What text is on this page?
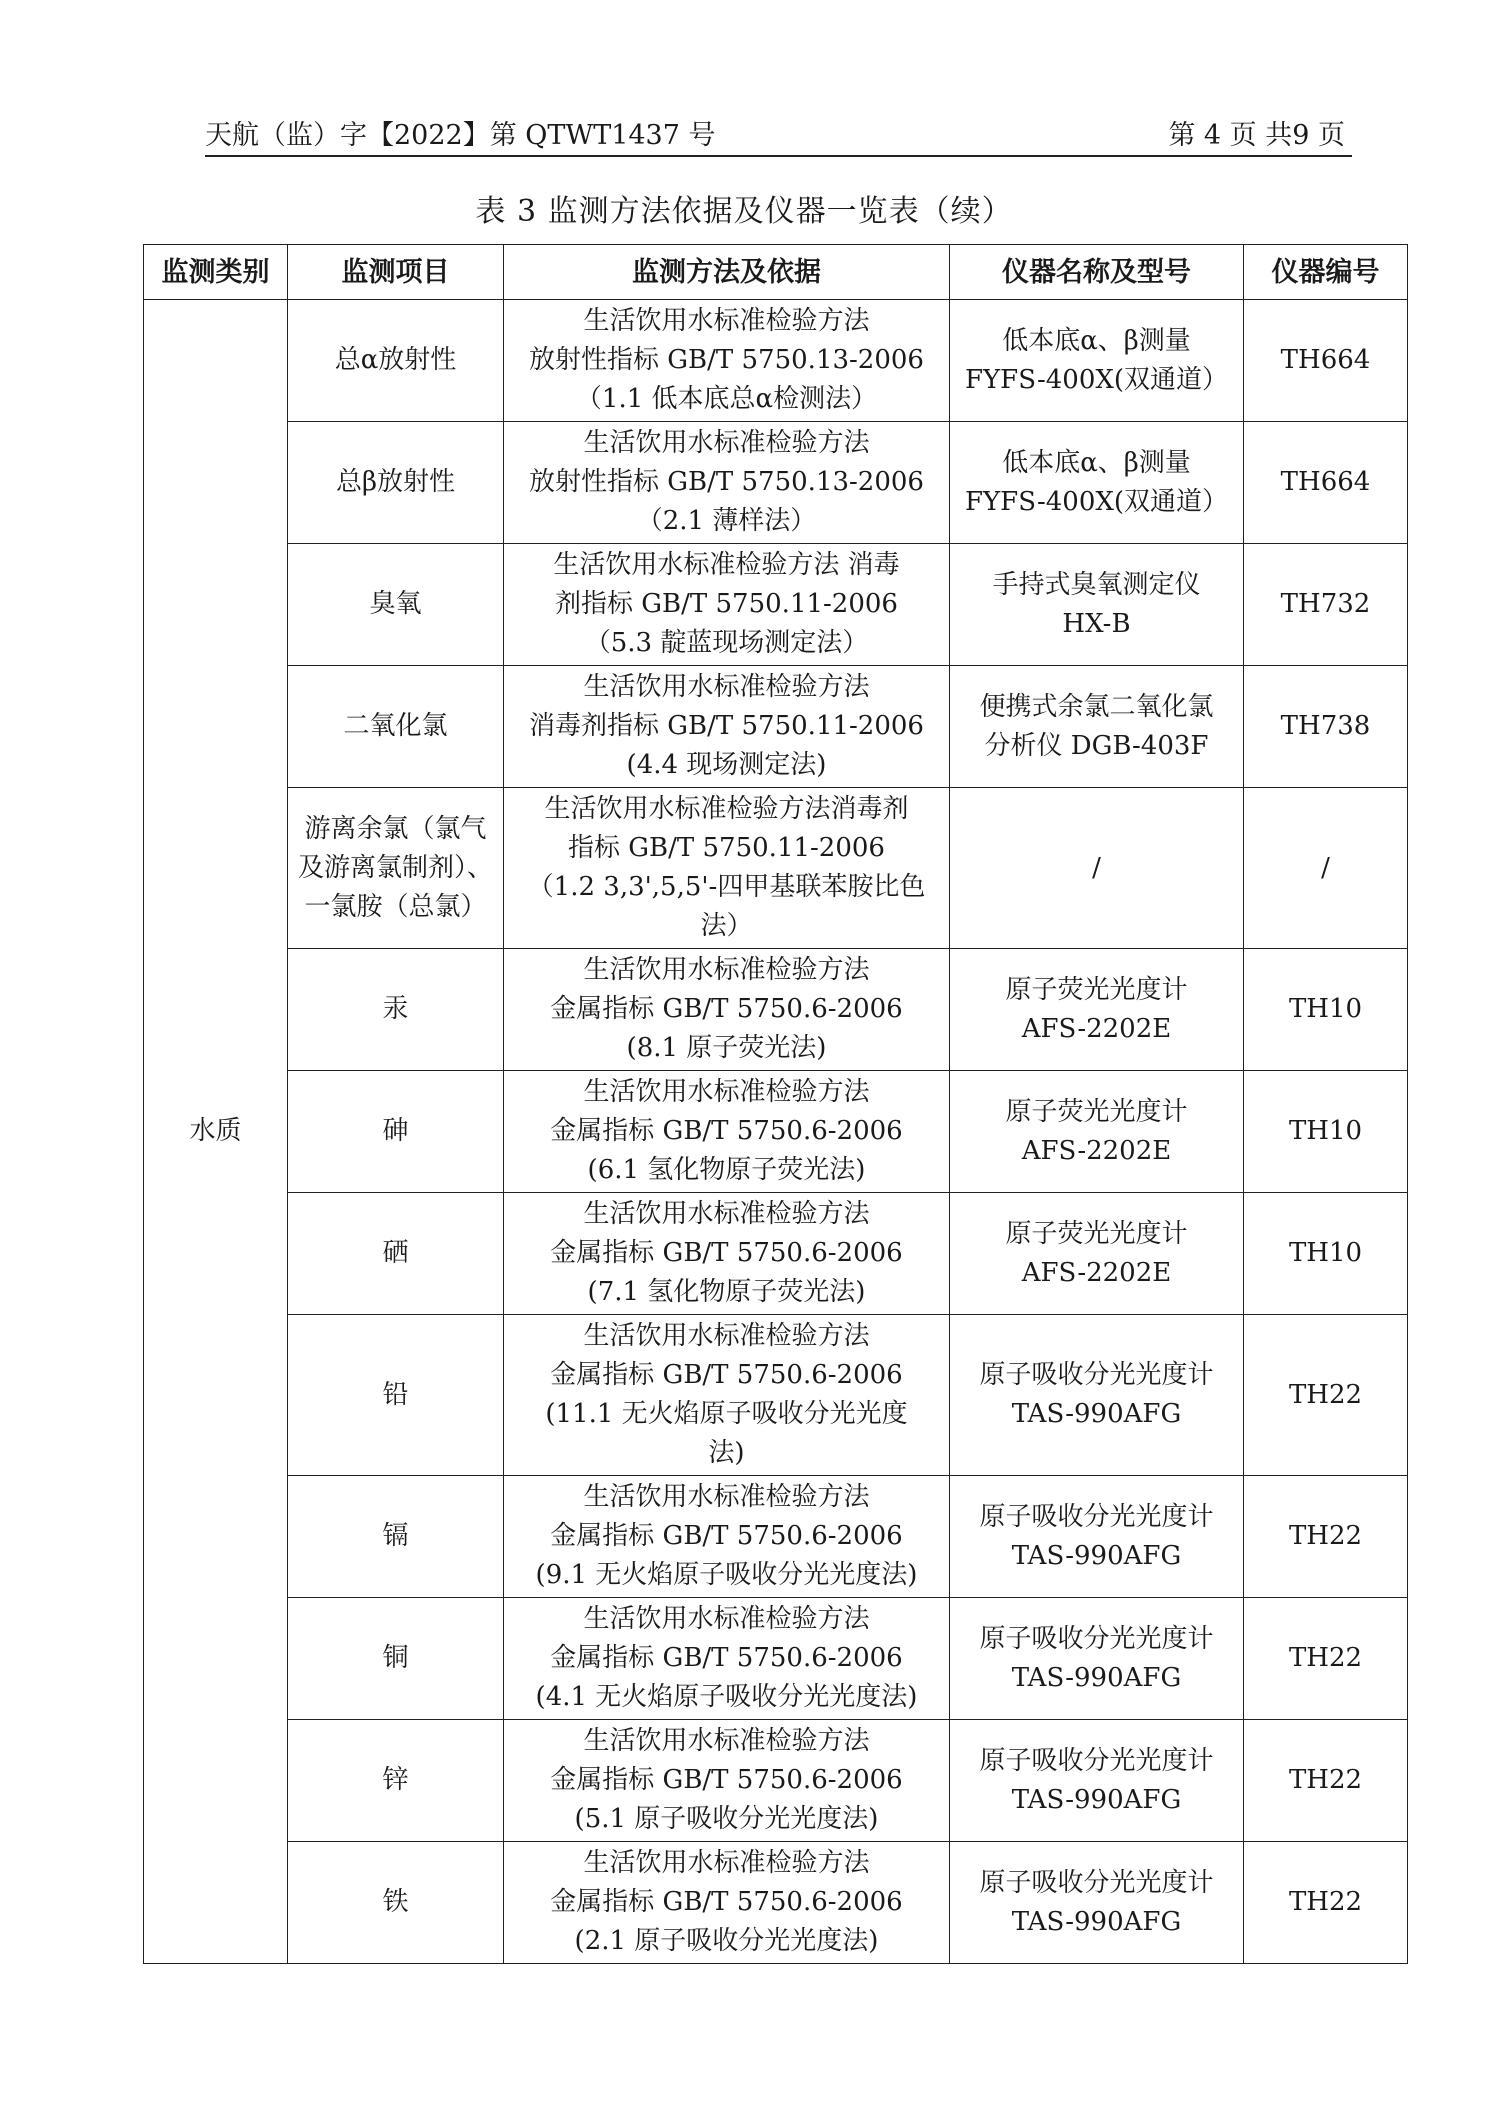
天航（监）字【2022】第 QTWT1437 号	第 4 页 共9 页
表 3 监测方法依据及仪器一览表（续）
监测类别	监测项目	监测方法及依据	仪器名称及型号	仪器编号
水质	总α放射性	生活饮用水标准检验方法
放射性指标 GB/T 5750.13-2006
（1.1 低本底总α检测法）	低本底α、β测量
FYFS-400X(双通道）	TH664
	总β放射性	生活饮用水标准检验方法
放射性指标 GB/T 5750.13-2006
（2.1 薄样法）	低本底α、β测量
FYFS-400X(双通道）	TH664
	臭氧	生活饮用水标准检验方法 消毒
剂指标 GB/T 5750.11-2006
（5.3 靛蓝现场测定法）	手持式臭氧测定仪
HX-B	TH732
	二氧化氯	生活饮用水标准检验方法
消毒剂指标 GB/T 5750.11-2006
(4.4 现场测定法)	便携式余氯二氧化氯
分析仪 DGB-403F	TH738
	游离余氯（氯气及游离氯制剂）、一氯胺（总氯）	生活饮用水标准检验方法消毒剂
指标 GB/T 5750.11-2006
（1.2 3,3',5,5'-四甲基联苯胺比色
法）	/	/
	汞	生活饮用水标准检验方法
金属指标 GB/T 5750.6-2006
(8.1 原子荧光法)	原子荧光光度计
AFS-2202E	TH10
	砷	生活饮用水标准检验方法
金属指标 GB/T 5750.6-2006
(6.1 氢化物原子荧光法)	原子荧光光度计
AFS-2202E	TH10
	硒	生活饮用水标准检验方法
金属指标 GB/T 5750.6-2006
(7.1 氢化物原子荧光法)	原子荧光光度计
AFS-2202E	TH10
	铅	生活饮用水标准检验方法
金属指标 GB/T 5750.6-2006
(11.1 无火焰原子吸收分光光度
法)	原子吸收分光光度计
TAS-990AFG	TH22
	镉	生活饮用水标准检验方法
金属指标 GB/T 5750.6-2006
(9.1 无火焰原子吸收分光光度法)	原子吸收分光光度计
TAS-990AFG	TH22
	铜	生活饮用水标准检验方法
金属指标 GB/T 5750.6-2006
(4.1 无火焰原子吸收分光光度法)	原子吸收分光光度计
TAS-990AFG	TH22
	锌	生活饮用水标准检验方法
金属指标 GB/T 5750.6-2006
(5.1 原子吸收分光光度法)	原子吸收分光光度计
TAS-990AFG	TH22
	铁	生活饮用水标准检验方法
金属指标 GB/T 5750.6-2006
(2.1 原子吸收分光光度法)	原子吸收分光光度计
TAS-990AFG	TH22
